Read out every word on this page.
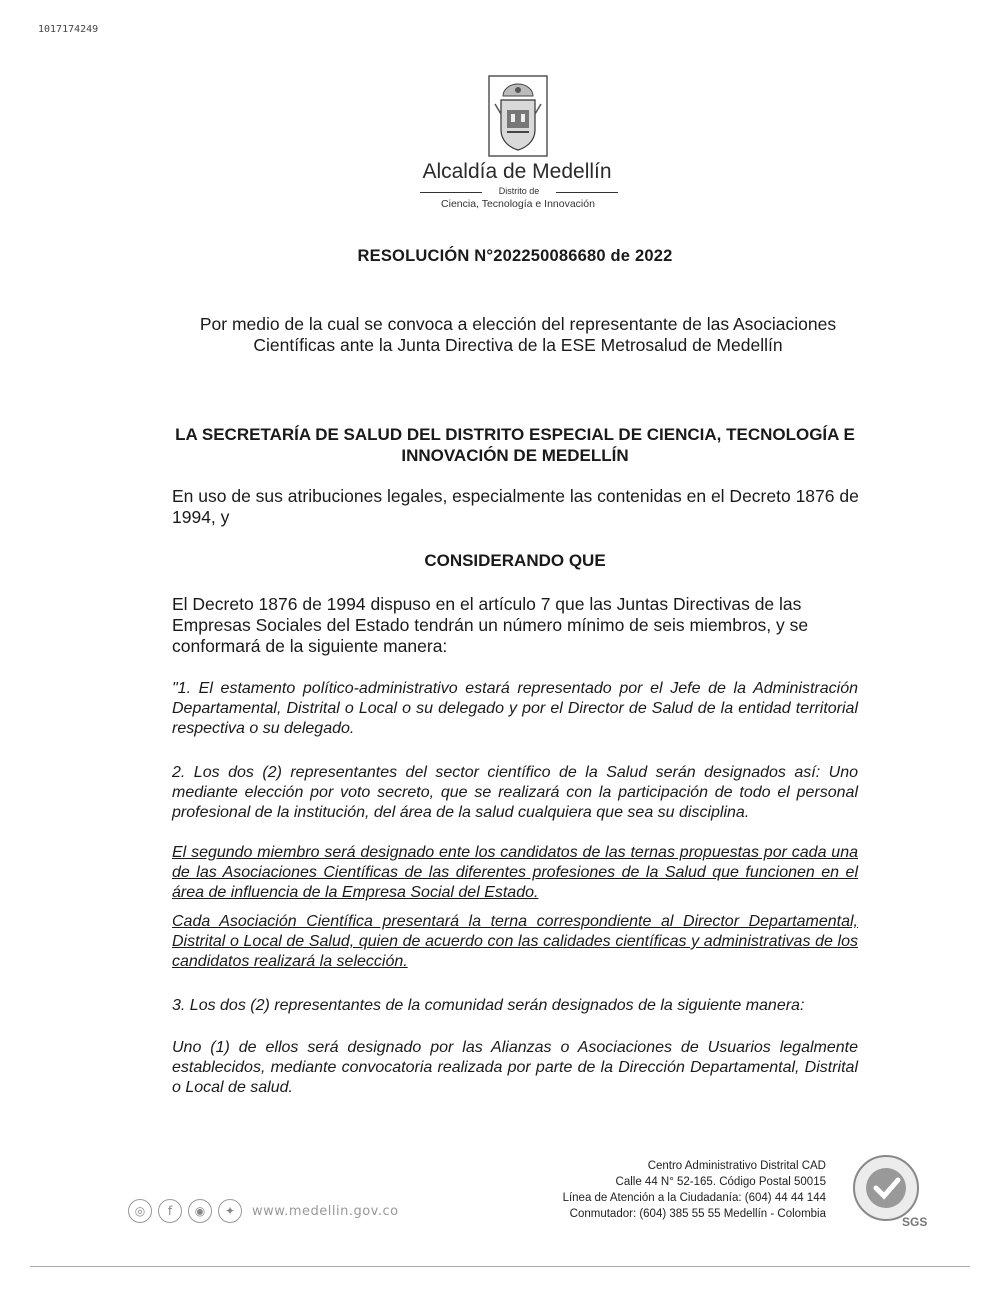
1017174249
Alcaldía de Medellín
Distrito de
Ciencia, Tecnología e Innovación
RESOLUCIÓN N°202250086680 de 2022
Por medio de la cual se convoca a elección del representante de las Asociaciones Científicas ante la Junta Directiva de la ESE Metrosalud de Medellín
LA SECRETARÍA DE SALUD DEL DISTRITO ESPECIAL DE CIENCIA, TECNOLOGÍA E INNOVACIÓN DE MEDELLÍN
En uso de sus atribuciones legales, especialmente las contenidas en el Decreto 1876 de 1994, y
CONSIDERANDO QUE
El Decreto 1876 de 1994 dispuso en el artículo 7 que las Juntas Directivas de las Empresas Sociales del Estado tendrán un número mínimo de seis miembros, y se conformará de la siguiente manera:
"1. El estamento político-administrativo estará representado por el Jefe de la Administración Departamental, Distrital o Local o su delegado y por el Director de Salud de la entidad territorial respectiva o su delegado.
2. Los dos (2) representantes del sector científico de la Salud serán designados así: Uno mediante elección por voto secreto, que se realizará con la participación de todo el personal profesional de la institución, del área de la salud cualquiera que sea su disciplina.
El segundo miembro será designado ente los candidatos de las ternas propuestas por cada una de las Asociaciones Científicas de las diferentes profesiones de la Salud que funcionen en el área de influencia de la Empresa Social del Estado.
Cada Asociación Científica presentará la terna correspondiente al Director Departamental, Distrital o Local de Salud, quien de acuerdo con las calidades científicas y administrativas de los candidatos realizará la selección.
3. Los dos (2) representantes de la comunidad serán designados de la siguiente manera:
Uno (1) de ellos será designado por las Alianzas o Asociaciones de Usuarios legalmente establecidos, mediante convocatoria realizada por parte de la Dirección Departamental, Distrital o Local de salud.
◎	f	◉	✦	www.medellin.gov.co
Centro Administrativo Distrital CAD
Calle 44 N° 52-165. Código Postal 50015
Línea de Atención a la Ciudadanía: (604) 44 44 144
Conmutador: (604) 385 55 55 Medellín - Colombia
SGS
